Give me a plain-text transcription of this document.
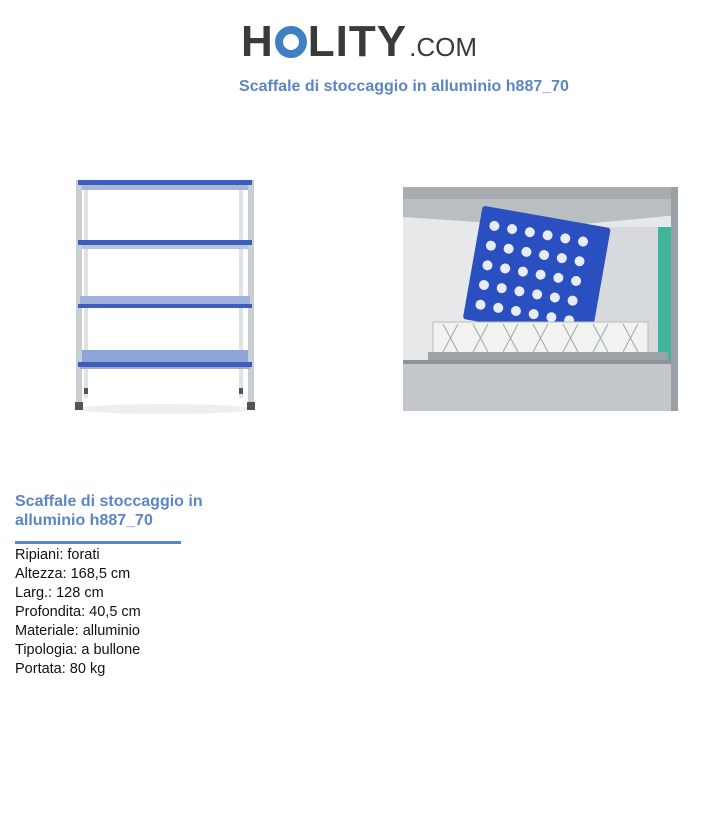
H LITY .COM
Scaffale di stoccaggio in alluminio h887_70
Scaffale di stoccaggio in alluminio h887_70
Ripiani: forati
Altezza: 168,5 cm
Larg.: 128 cm
Profondita: 40,5 cm
Materiale: alluminio
Tipologia: a bullone
Portata: 80 kg
